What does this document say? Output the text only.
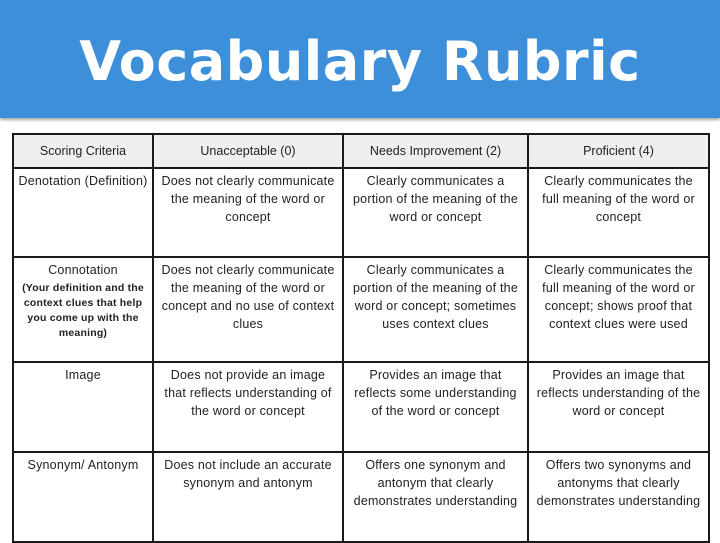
Vocabulary Rubric
Scoring Criteria	Unacceptable (0)	Needs Improvement (2)	Proficient (4)
Denotation (Definition)	Does not clearly communicate the meaning of the word or concept	Clearly communicates a portion of the meaning of the word or concept	Clearly communicates the full meaning of the word or concept
Connotation
(Your definition and the context clues that help you come up with the meaning)	Does not clearly communicate the meaning of the word or concept and no use of context clues	Clearly communicates a portion of the meaning of the word or concept; sometimes uses context clues	Clearly communicates the full meaning of the word or concept; shows proof that context clues were used
Image	Does not provide an image that reflects understanding of the word or concept	Provides an image that reflects some understanding of the word or concept	Provides an image that reflects understanding of the word or concept
Synonym/ Antonym	Does not include an accurate synonym and antonym	Offers one synonym and antonym that clearly demonstrates understanding	Offers two synonyms and antonyms that clearly demonstrates understanding
